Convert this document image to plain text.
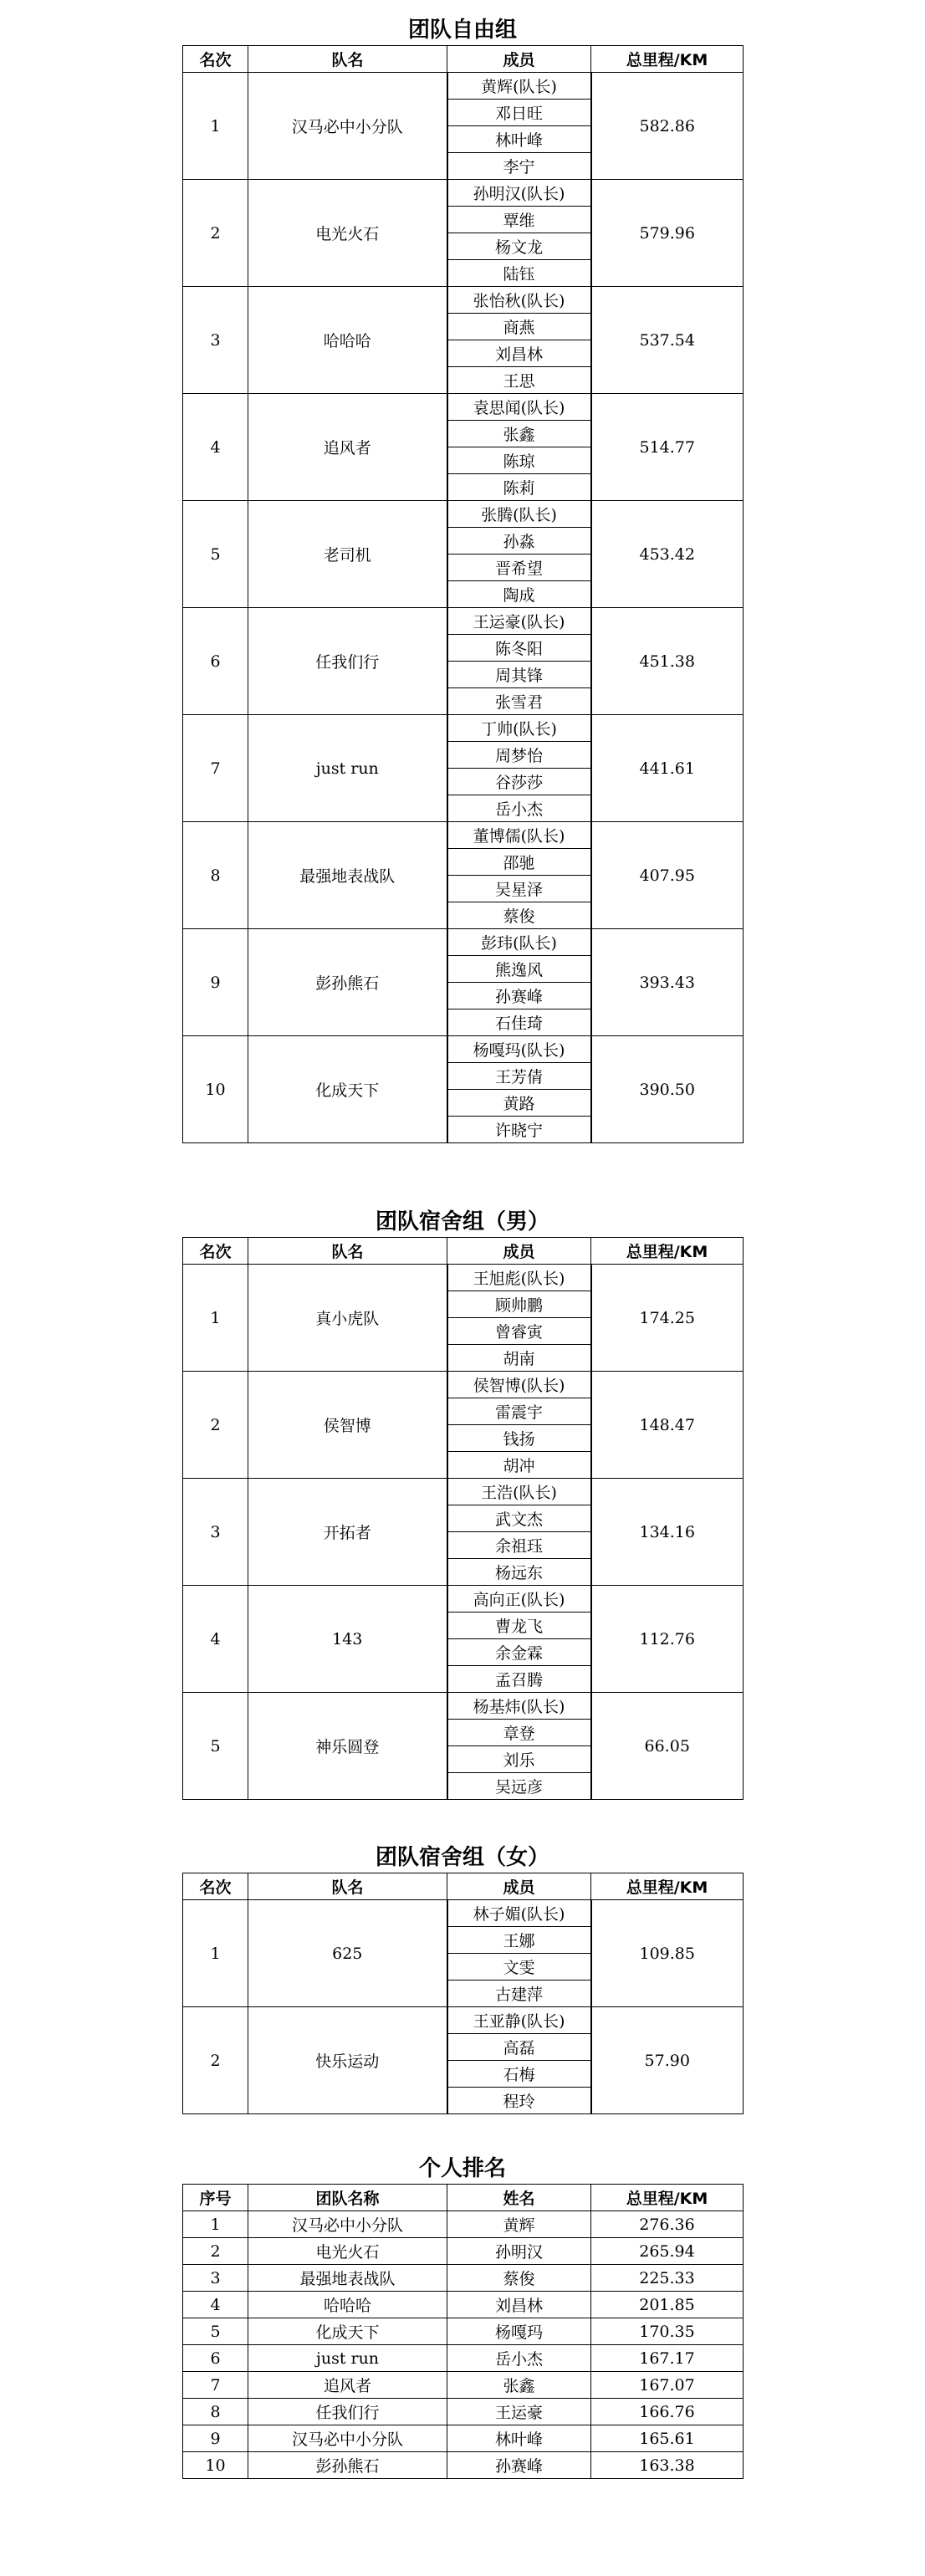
团队自由组
名次	队名	成员	总里程/KM
1	汉马必中小分队	黄辉(队长)	582.86
		邓日旺	
		林叶峰	
		李宁	
2	电光火石	孙明汉(队长)	579.96
		覃维	
		杨文龙	
		陆钰	
3	哈哈哈	张怡秋(队长)	537.54
		商燕	
		刘昌林	
		王思	
4	追风者	袁思闻(队长)	514.77
		张鑫	
		陈琼	
		陈莉	
5	老司机	张腾(队长)	453.42
		孙淼	
		晋希望	
		陶成	
6	任我们行	王运豪(队长)	451.38
		陈冬阳	
		周其锋	
		张雪君	
7	just run	丁帅(队长)	441.61
		周梦怡	
		谷莎莎	
		岳小杰	
8	最强地表战队	董博儒(队长)	407.95
		邵驰	
		吴星泽	
		蔡俊	
9	彭孙熊石	彭玮(队长)	393.43
		熊逸风	
		孙赛峰	
		石佳琦	
10	化成天下	杨嘎玛(队长)	390.50
		王芳倩	
		黄路	
		许晓宁	
团队宿舍组（男）
名次	队名	成员	总里程/KM
1	真小虎队	王旭彪(队长)	174.25
		顾帅鹏	
		曾睿寅	
		胡南	
2	侯智博	侯智博(队长)	148.47
		雷震宇	
		钱扬	
		胡冲	
3	开拓者	王浩(队长)	134.16
		武文杰	
		余祖珏	
		杨远东	
4	143	高向正(队长)	112.76
		曹龙飞	
		余金霖	
		孟召腾	
5	神乐圆登	杨基炜(队长)	66.05
		章登	
		刘乐	
		吴远彦	
团队宿舍组（女）
名次	队名	成员	总里程/KM
1	625	林子媚(队长)	109.85
		王娜	
		文雯	
		古建萍	
2	快乐运动	王亚静(队长)	57.90
		高磊	
		石梅	
		程玲	
个人排名
序号	团队名称	姓名	总里程/KM
1	汉马必中小分队	黄辉	276.36
2	电光火石	孙明汉	265.94
3	最强地表战队	蔡俊	225.33
4	哈哈哈	刘昌林	201.85
5	化成天下	杨嘎玛	170.35
6	just run	岳小杰	167.17
7	追风者	张鑫	167.07
8	任我们行	王运豪	166.76
9	汉马必中小分队	林叶峰	165.61
10	彭孙熊石	孙赛峰	163.38
